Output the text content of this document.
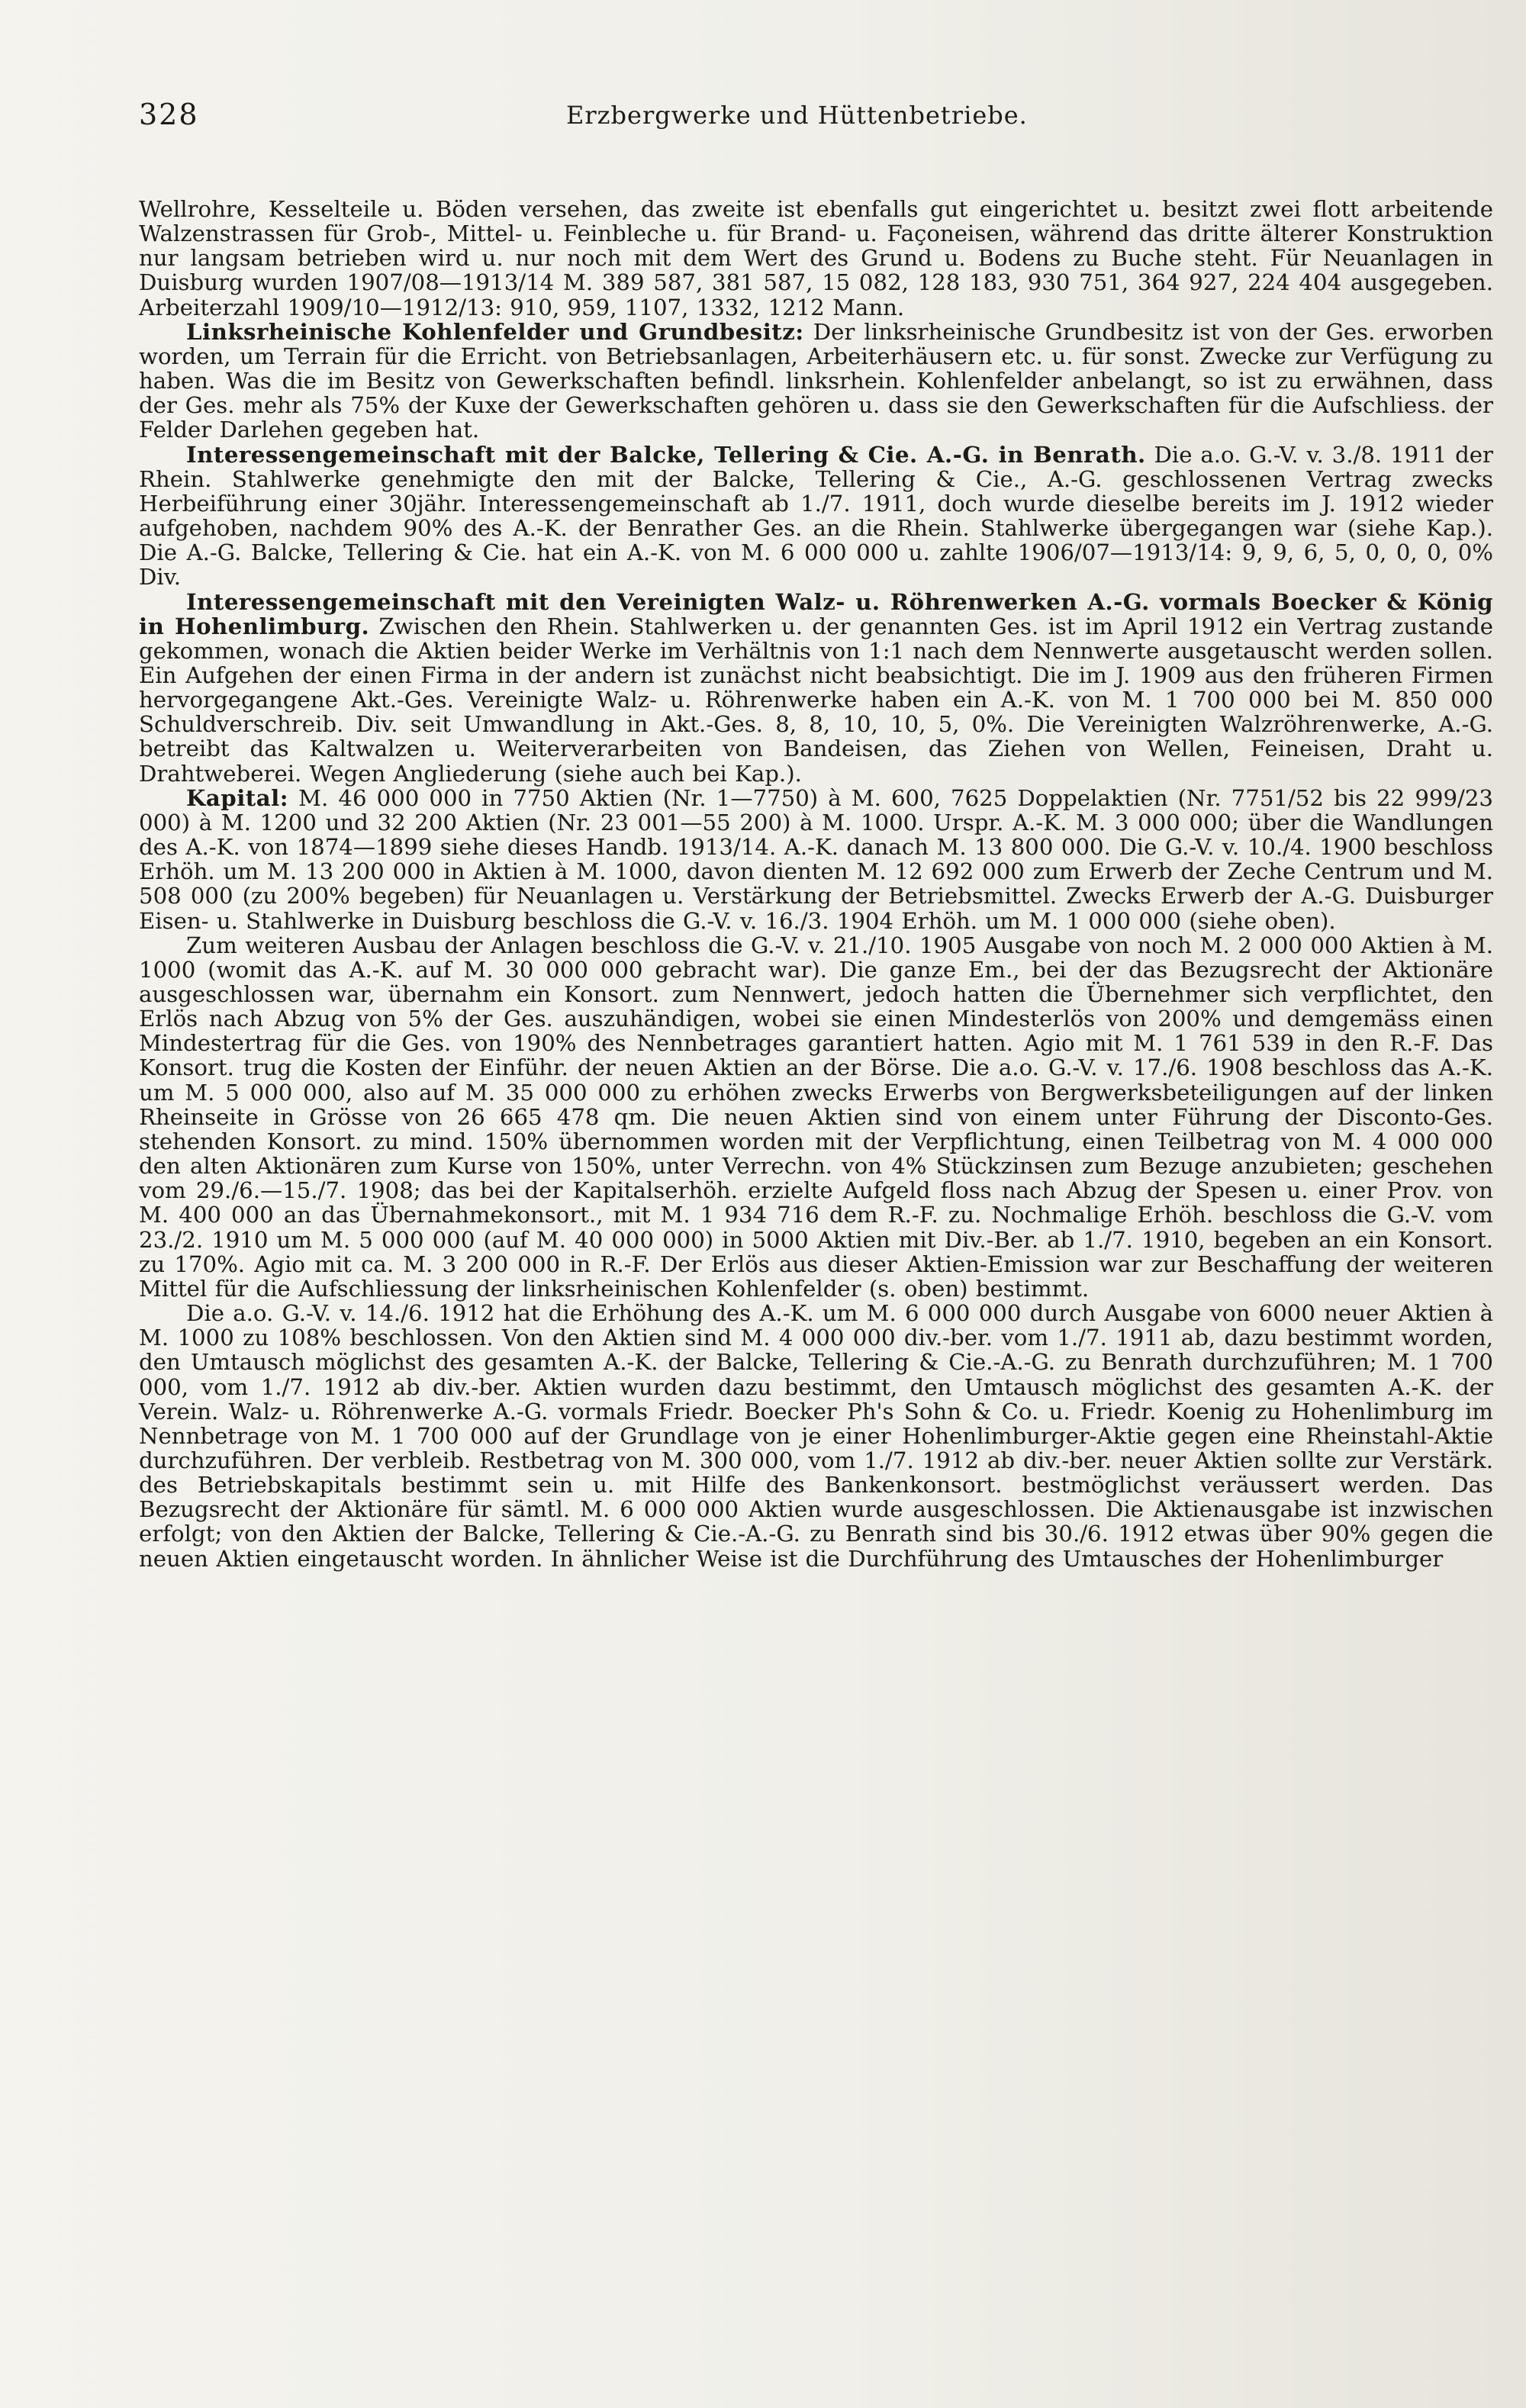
328	Erzbergwerke und Hüttenbetriebe.

Wellrohre, Kesselteile u. Böden versehen, das zweite ist ebenfalls gut eingerichtet u. besitzt zwei flott arbeitende Walzenstrassen für Grob-, Mittel- u. Feinbleche u. für Brand- u. Façoneisen, während das dritte älterer Konstruktion nur langsam betrieben wird u. nur noch mit dem Wert des Grund u. Bodens zu Buche steht. Für Neuanlagen in Duisburg wurden 1907/08—1913/14 M. 389 587, 381 587, 15 082, 128 183, 930 751, 364 927, 224 404 ausgegeben. Arbeiterzahl 1909/10—1912/13: 910, 959, 1107, 1332, 1212 Mann.

Linksrheinische Kohlenfelder und Grundbesitz: Der linksrheinische Grundbesitz ist von der Ges. erworben worden, um Terrain für die Erricht. von Betriebsanlagen, Arbeiterhäusern etc. u. für sonst. Zwecke zur Verfügung zu haben. Was die im Besitz von Gewerkschaften befindl. linksrhein. Kohlenfelder anbelangt, so ist zu erwähnen, dass der Ges. mehr als 75% der Kuxe der Gewerkschaften gehören u. dass sie den Gewerkschaften für die Aufschliess. der Felder Darlehen gegeben hat.

Interessengemeinschaft mit der Balcke, Tellering & Cie. A.-G. in Benrath. Die a.o. G.-V. v. 3./8. 1911 der Rhein. Stahlwerke genehmigte den mit der Balcke, Tellering & Cie., A.-G. geschlossenen Vertrag zwecks Herbeiführung einer 30jähr. Interessengemeinschaft ab 1./7. 1911, doch wurde dieselbe bereits im J. 1912 wieder aufgehoben, nachdem 90% des A.-K. der Benrather Ges. an die Rhein. Stahlwerke übergegangen war (siehe Kap.). Die A.-G. Balcke, Tellering & Cie. hat ein A.-K. von M. 6 000 000 u. zahlte 1906/07—1913/14: 9, 9, 6, 5, 0, 0, 0, 0% Div.

Interessengemeinschaft mit den Vereinigten Walz- u. Röhrenwerken A.-G. vormals Boecker & König in Hohenlimburg. Zwischen den Rhein. Stahlwerken u. der genannten Ges. ist im April 1912 ein Vertrag zustande gekommen, wonach die Aktien beider Werke im Verhältnis von 1:1 nach dem Nennwerte ausgetauscht werden sollen. Ein Aufgehen der einen Firma in der andern ist zunächst nicht beabsichtigt. Die im J. 1909 aus den früheren Firmen hervorgegangene Akt.-Ges. Vereinigte Walz- u. Röhrenwerke haben ein A.-K. von M. 1 700 000 bei M. 850 000 Schuldverschreib. Div. seit Umwandlung in Akt.-Ges. 8, 8, 10, 10, 5, 0%. Die Vereinigten Walzröhrenwerke, A.-G. betreibt das Kaltwalzen u. Weiterverarbeiten von Bandeisen, das Ziehen von Wellen, Feineisen, Draht u. Drahtweberei. Wegen Angliederung (siehe auch bei Kap.).

Kapital: M. 46 000 000 in 7750 Aktien (Nr. 1—7750) à M. 600, 7625 Doppelaktien (Nr. 7751/52 bis 22 999/23 000) à M. 1200 und 32 200 Aktien (Nr. 23 001—55 200) à M. 1000. Urspr. A.-K. M. 3 000 000; über die Wandlungen des A.-K. von 1874—1899 siehe dieses Handb. 1913/14. A.-K. danach M. 13 800 000. Die G.-V. v. 10./4. 1900 beschloss Erhöh. um M. 13 200 000 in Aktien à M. 1000, davon dienten M. 12 692 000 zum Erwerb der Zeche Centrum und M. 508 000 (zu 200% begeben) für Neuanlagen u. Verstärkung der Betriebsmittel. Zwecks Erwerb der A.-G. Duisburger Eisen- u. Stahlwerke in Duisburg beschloss die G.-V. v. 16./3. 1904 Erhöh. um M. 1 000 000 (siehe oben).

Zum weiteren Ausbau der Anlagen beschloss die G.-V. v. 21./10. 1905 Ausgabe von noch M. 2 000 000 Aktien à M. 1000 (womit das A.-K. auf M. 30 000 000 gebracht war). Die ganze Em., bei der das Bezugsrecht der Aktionäre ausgeschlossen war, übernahm ein Konsort. zum Nennwert, jedoch hatten die Übernehmer sich verpflichtet, den Erlös nach Abzug von 5% der Ges. auszuhändigen, wobei sie einen Mindesterlös von 200% und demgemäss einen Mindestertrag für die Ges. von 190% des Nennbetrages garantiert hatten. Agio mit M. 1 761 539 in den R.-F. Das Konsort. trug die Kosten der Einführ. der neuen Aktien an der Börse. Die a.o. G.-V. v. 17./6. 1908 beschloss das A.-K. um M. 5 000 000, also auf M. 35 000 000 zu erhöhen zwecks Erwerbs von Bergwerksbeteiligungen auf der linken Rheinseite in Grösse von 26 665 478 qm. Die neuen Aktien sind von einem unter Führung der Disconto-Ges. stehenden Konsort. zu mind. 150% übernommen worden mit der Verpflichtung, einen Teilbetrag von M. 4 000 000 den alten Aktionären zum Kurse von 150%, unter Verrechn. von 4% Stückzinsen zum Bezuge anzubieten; geschehen vom 29./6.—15./7. 1908; das bei der Kapitalserhöh. erzielte Aufgeld floss nach Abzug der Spesen u. einer Prov. von M. 400 000 an das Übernahmekonsort., mit M. 1 934 716 dem R.-F. zu. Nochmalige Erhöh. beschloss die G.-V. vom 23./2. 1910 um M. 5 000 000 (auf M. 40 000 000) in 5000 Aktien mit Div.-Ber. ab 1./7. 1910, begeben an ein Konsort. zu 170%. Agio mit ca. M. 3 200 000 in R.-F. Der Erlös aus dieser Aktien-Emission war zur Beschaffung der weiteren Mittel für die Aufschliessung der linksrheinischen Kohlenfelder (s. oben) bestimmt.

Die a.o. G.-V. v. 14./6. 1912 hat die Erhöhung des A.-K. um M. 6 000 000 durch Ausgabe von 6000 neuer Aktien à M. 1000 zu 108% beschlossen. Von den Aktien sind M. 4 000 000 div.-ber. vom 1./7. 1911 ab, dazu bestimmt worden, den Umtausch möglichst des gesamten A.-K. der Balcke, Tellering & Cie.-A.-G. zu Benrath durchzuführen; M. 1 700 000, vom 1./7. 1912 ab div.-ber. Aktien wurden dazu bestimmt, den Umtausch möglichst des gesamten A.-K. der Verein. Walz- u. Röhrenwerke A.-G. vormals Friedr. Boecker Ph's Sohn & Co. u. Friedr. Koenig zu Hohenlimburg im Nennbetrage von M. 1 700 000 auf der Grundlage von je einer Hohenlimburger-Aktie gegen eine Rheinstahl-Aktie durchzuführen. Der verbleib. Restbetrag von M. 300 000, vom 1./7. 1912 ab div.-ber. neuer Aktien sollte zur Verstärk. des Betriebskapitals bestimmt sein u. mit Hilfe des Bankenkonsort. bestmöglichst veräussert werden. Das Bezugsrecht der Aktionäre für sämtl. M. 6 000 000 Aktien wurde ausgeschlossen. Die Aktienausgabe ist inzwischen erfolgt; von den Aktien der Balcke, Tellering & Cie.-A.-G. zu Benrath sind bis 30./6. 1912 etwas über 90% gegen die neuen Aktien eingetauscht worden. In ähnlicher Weise ist die Durchführung des Umtausches der Hohenlimburger
